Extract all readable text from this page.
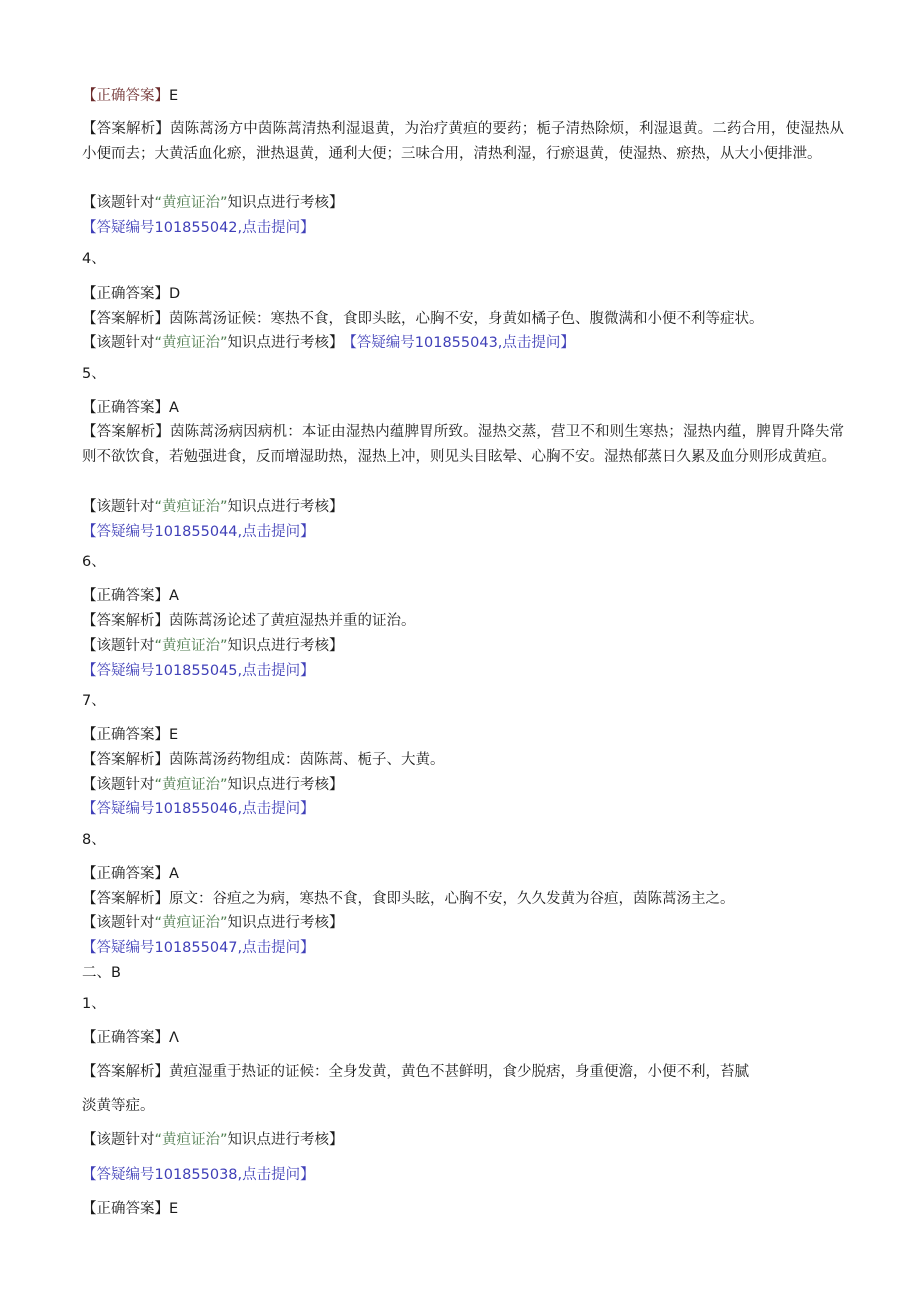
【正确答案】E
【答案解析】茵陈蒿汤方中茵陈蒿清热利湿退黄，为治疗黄疸的要药；栀子清热除烦，利湿退黄。二药合用，使湿热从小便而去；大黄活血化瘀，泄热退黄，通利大便；三味合用，清热利湿，行瘀退黄，使湿热、瘀热，从大小便排泄。
【该题针对“黄疸证治”知识点进行考核】
【答疑编号101855042,点击提问】
4、
【正确答案】D
【答案解析】茵陈蒿汤证候：寒热不食，食即头眩，心胸不安，身黄如橘子色、腹微满和小便不利等症状。
【该题针对“黄疸证治”知识点进行考核】 【答疑编号101855043,点击提问】
5、
【正确答案】A
【答案解析】茵陈蒿汤病因病机：本证由湿热内蕴脾胃所致。湿热交蒸，营卫不和则生寒热；湿热内蕴，脾胃升降失常则不欲饮食，若勉强进食，反而增湿助热，湿热上冲，则见头目眩晕、心胸不安。湿热郁蒸日久累及血分则形成黄疸。
【该题针对“黄疸证治”知识点进行考核】
【答疑编号101855044,点击提问】
6、
【正确答案】A
【答案解析】茵陈蒿汤论述了黄疸湿热并重的证治。
【该题针对“黄疸证治”知识点进行考核】
【答疑编号101855045,点击提问】
7、
【正确答案】E
【答案解析】茵陈蒿汤药物组成：茵陈蒿、栀子、大黄。
【该题针对“黄疸证治”知识点进行考核】
【答疑编号101855046,点击提问】
8、
【正确答案】A
【答案解析】原文：谷疸之为病，寒热不食，食即头眩，心胸不安，久久发黄为谷疸，茵陈蒿汤主之。
【该题针对“黄疸证治”知识点进行考核】
【答疑编号101855047,点击提问】
二、B
1、
【正确答案】Λ
【答案解析】黄疸湿重于热证的证候：全身发黄，黄色不甚鲜明，食少脱痞，身重便澹，小便不利，苔腻
淡黄等症。
【该题针对“黄疸证治”知识点进行考核】
【答疑编号101855038,点击提问】
【正确答案】E
